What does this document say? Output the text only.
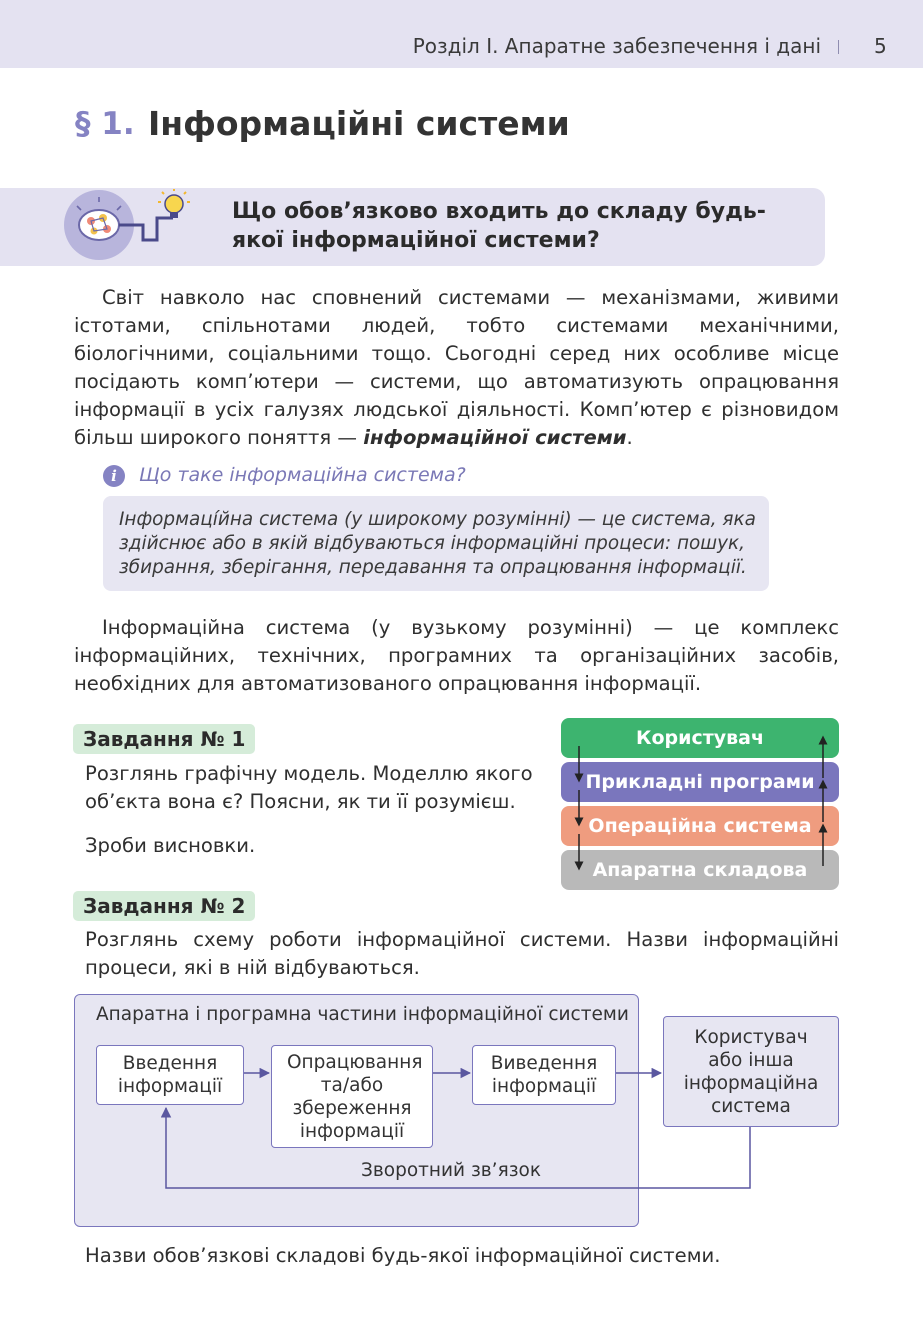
Розділ І. Апаратне забезпечення і дані	5
§ 1. Інформаційні системи
Що обов’язково входить до складу будь-якої інформаційної системи?
Світ навколо нас сповнений системами — механізмами, живими істотами, спільнотами людей, тобто системами механічними, біологічними, соціальними тощо. Сьогодні серед них особливе місце посідають комп’ютери — системи, що автоматизують опрацювання інформації в усіх галузях людської діяльності. Комп’ютер є різновидом більш широкого поняття — інформаційної системи.
i	Що таке інформаційна система?
Інформаці́йна система (у широкому розумінні) — це система, яка здійснює або в якій відбуваються інформаційні процеси: пошук, збирання, зберігання, передавання та опрацювання інформації.
Інформаційна система (у вузькому розумінні) — це комплекс інформаційних, технічних, програмних та організаційних засобів, необхідних для автоматизованого опрацювання інформації.
Завдання № 1
Розглянь графічну модель. Моделлю якого об’єкта вона є? Поясни, як ти її розумієш.
Зроби висновки.
Користувач
Прикладні програми
Операційна система
Апаратна складова
Завдання № 2
Розглянь схему роботи інформаційної системи. Назви інформаційні процеси, які в ній відбуваються.
Апаратна і програмна частини інформаційної системи
Введення інформації
Опрацювання та/або збереження інформації
Виведення інформації
Користувач або інша інформаційна система
Зворотний зв’язок
Назви обов’язкові складові будь-якої інформаційної системи.
